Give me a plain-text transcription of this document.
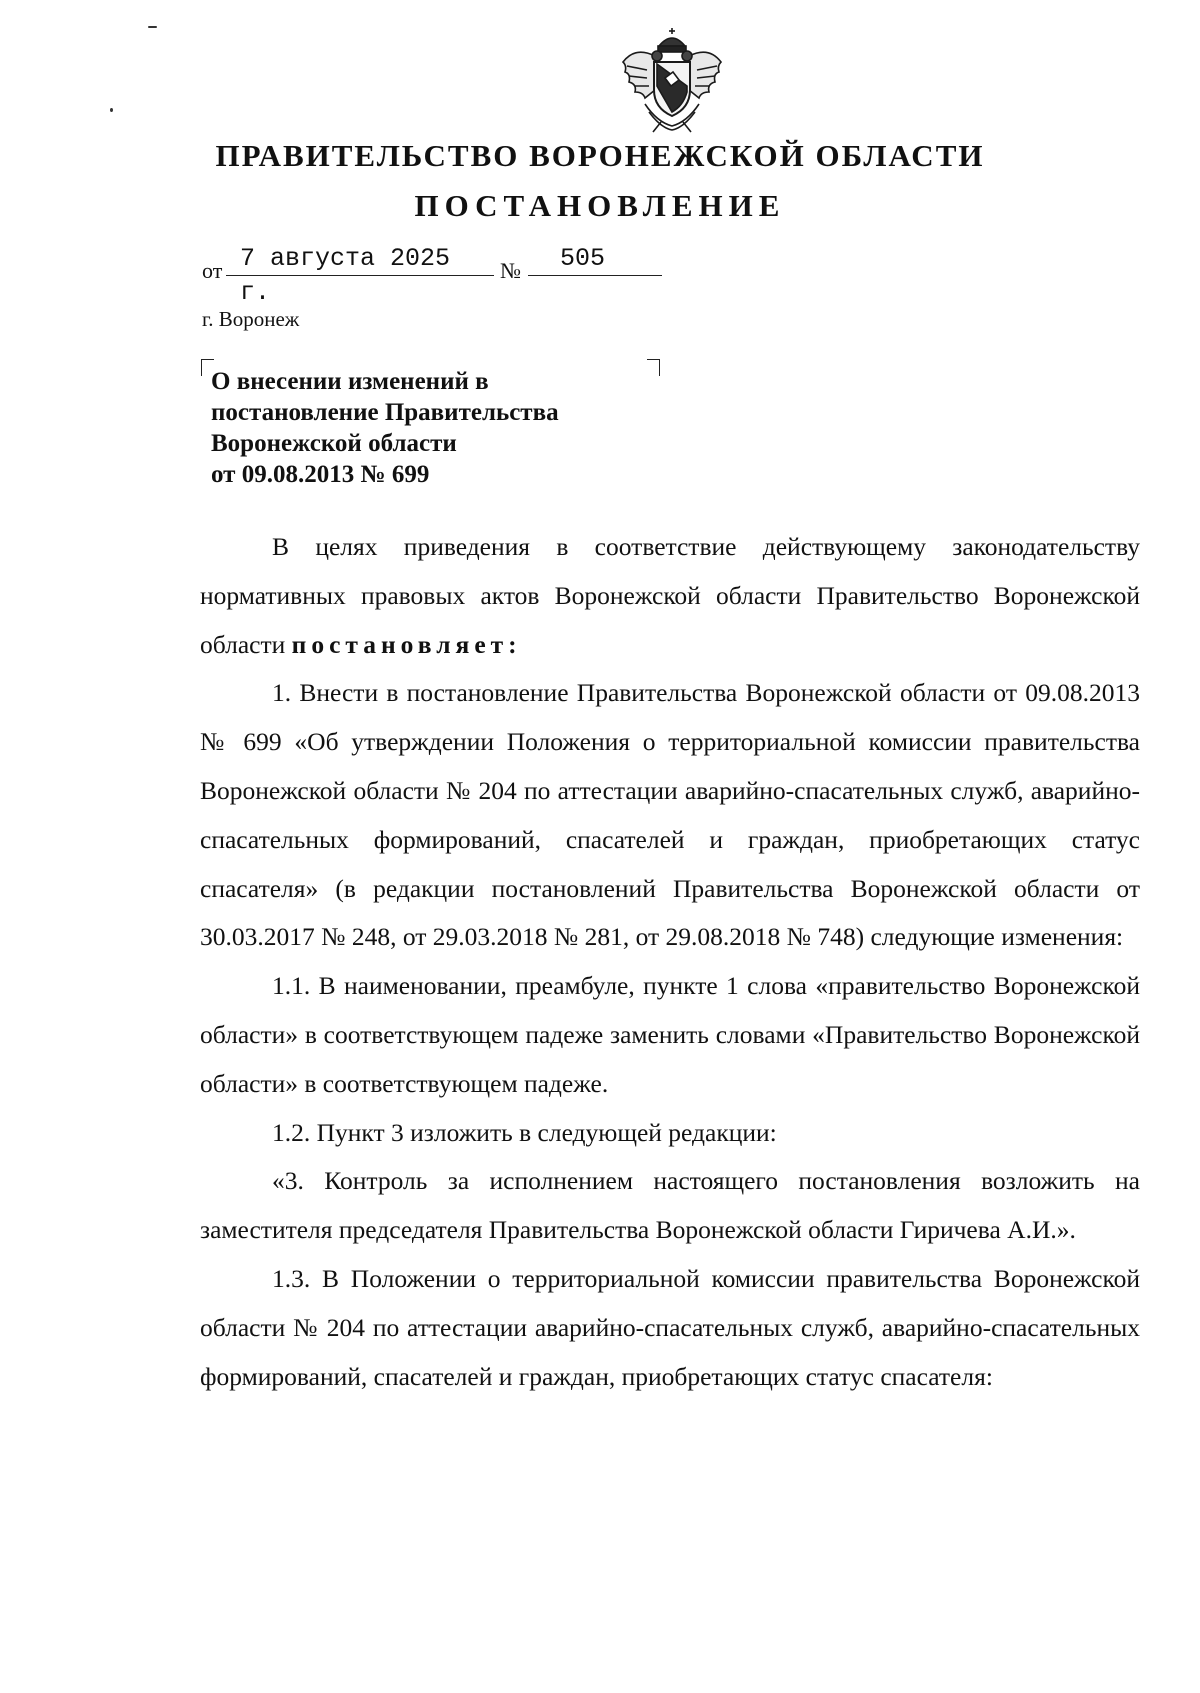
ПРАВИТЕЛЬСТВО ВОРОНЕЖСКОЙ ОБЛАСТИ
ПОСТАНОВЛЕНИЕ
от 7 августа 2025 г.
№	505
г. Воронеж
О внесении изменений в
постановление Правительства
Воронежской области
от 09.08.2013 № 699

В целях приведения в соответствие действующему законодательству нормативных правовых актов Воронежской области Правительство Воронежской области постановляет:

1. Внести в постановление Правительства Воронежской области от 09.08.2013 № 699 «Об утверждении Положения о территориальной комиссии правительства Воронежской области № 204 по аттестации аварийно-спасательных служб, аварийно-спасательных формирований, спасателей и граждан, приобретающих статус спасателя» (в редакции постановлений Правительства Воронежской области от 30.03.2017 № 248, от 29.03.2018 № 281, от 29.08.2018 № 748) следующие изменения:

1.1. В наименовании, преамбуле, пункте 1 слова «правительство Воронежской области» в соответствующем падеже заменить словами «Правительство Воронежской области» в соответствующем падеже.

1.2. Пункт 3 изложить в следующей редакции:

«3. Контроль за исполнением настоящего постановления возложить на заместителя председателя Правительства Воронежской области Гиричева А.И.».

1.3. В Положении о территориальной комиссии правительства Воронежской области № 204 по аттестации аварийно-спасательных служб, аварийно-спасательных формирований, спасателей и граждан, приобретающих статус спасателя:
